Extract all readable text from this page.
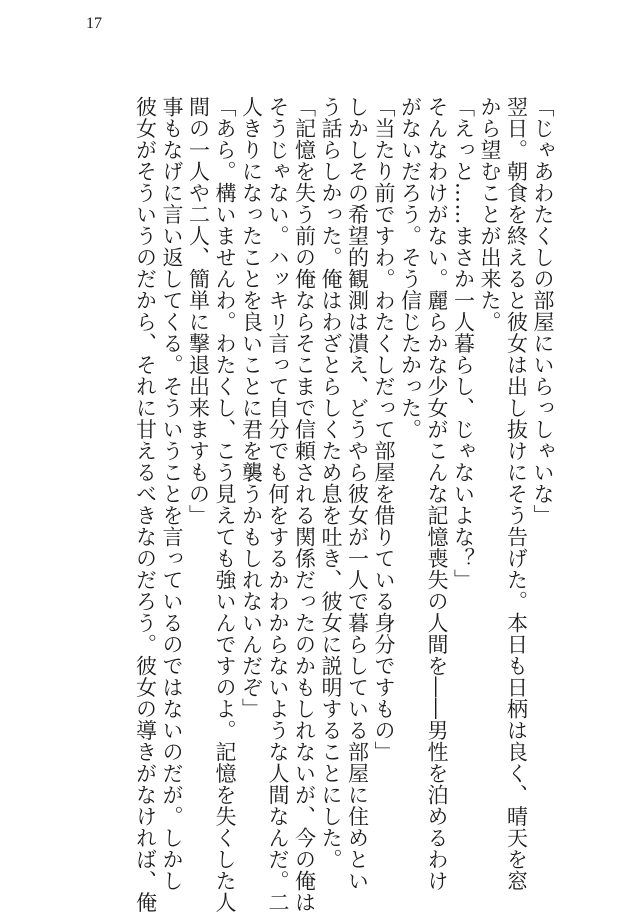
17

「じゃあわたくしの部屋にいらっしゃいな」

翌日。朝食を終えると彼女は出し抜けにそう告げた。本日も日柄は良く、晴天を窓

から望むことが出来た。

「えっと……まさか一人暮らし、じゃないよな？」

そんなわけがない。麗らかな少女がこんな記憶喪失の人間を――男性を泊めるわけ

がないだろう。そう信じたかった。

「当たり前ですわ。わたくしだって部屋を借りている身分ですもの」

しかしその希望的観測は潰え、どうやら彼女が一人で暮らしている部屋に住めとい

う話らしかった。俺はわざとらしくため息を吐き、彼女に説明することにした。

「記憶を失う前の俺ならそこまで信頼される関係だったのかもしれないが、今の俺は

そうじゃない。ハッキリ言って自分でも何をするかわからないような人間なんだ。二

人きりになったことを良いことに君を襲うかもしれないんだぞ」

「あら。構いませんわ。わたくし、こう見えても強いんですのよ。記憶を失くした人

間の一人や二人、簡単に撃退出来ますもの」

事もなげに言い返してくる。そういうことを言っているのではないのだが。しかし

彼女がそういうのだから、それに甘えるべきなのだろう。彼女の導きがなければ、俺
